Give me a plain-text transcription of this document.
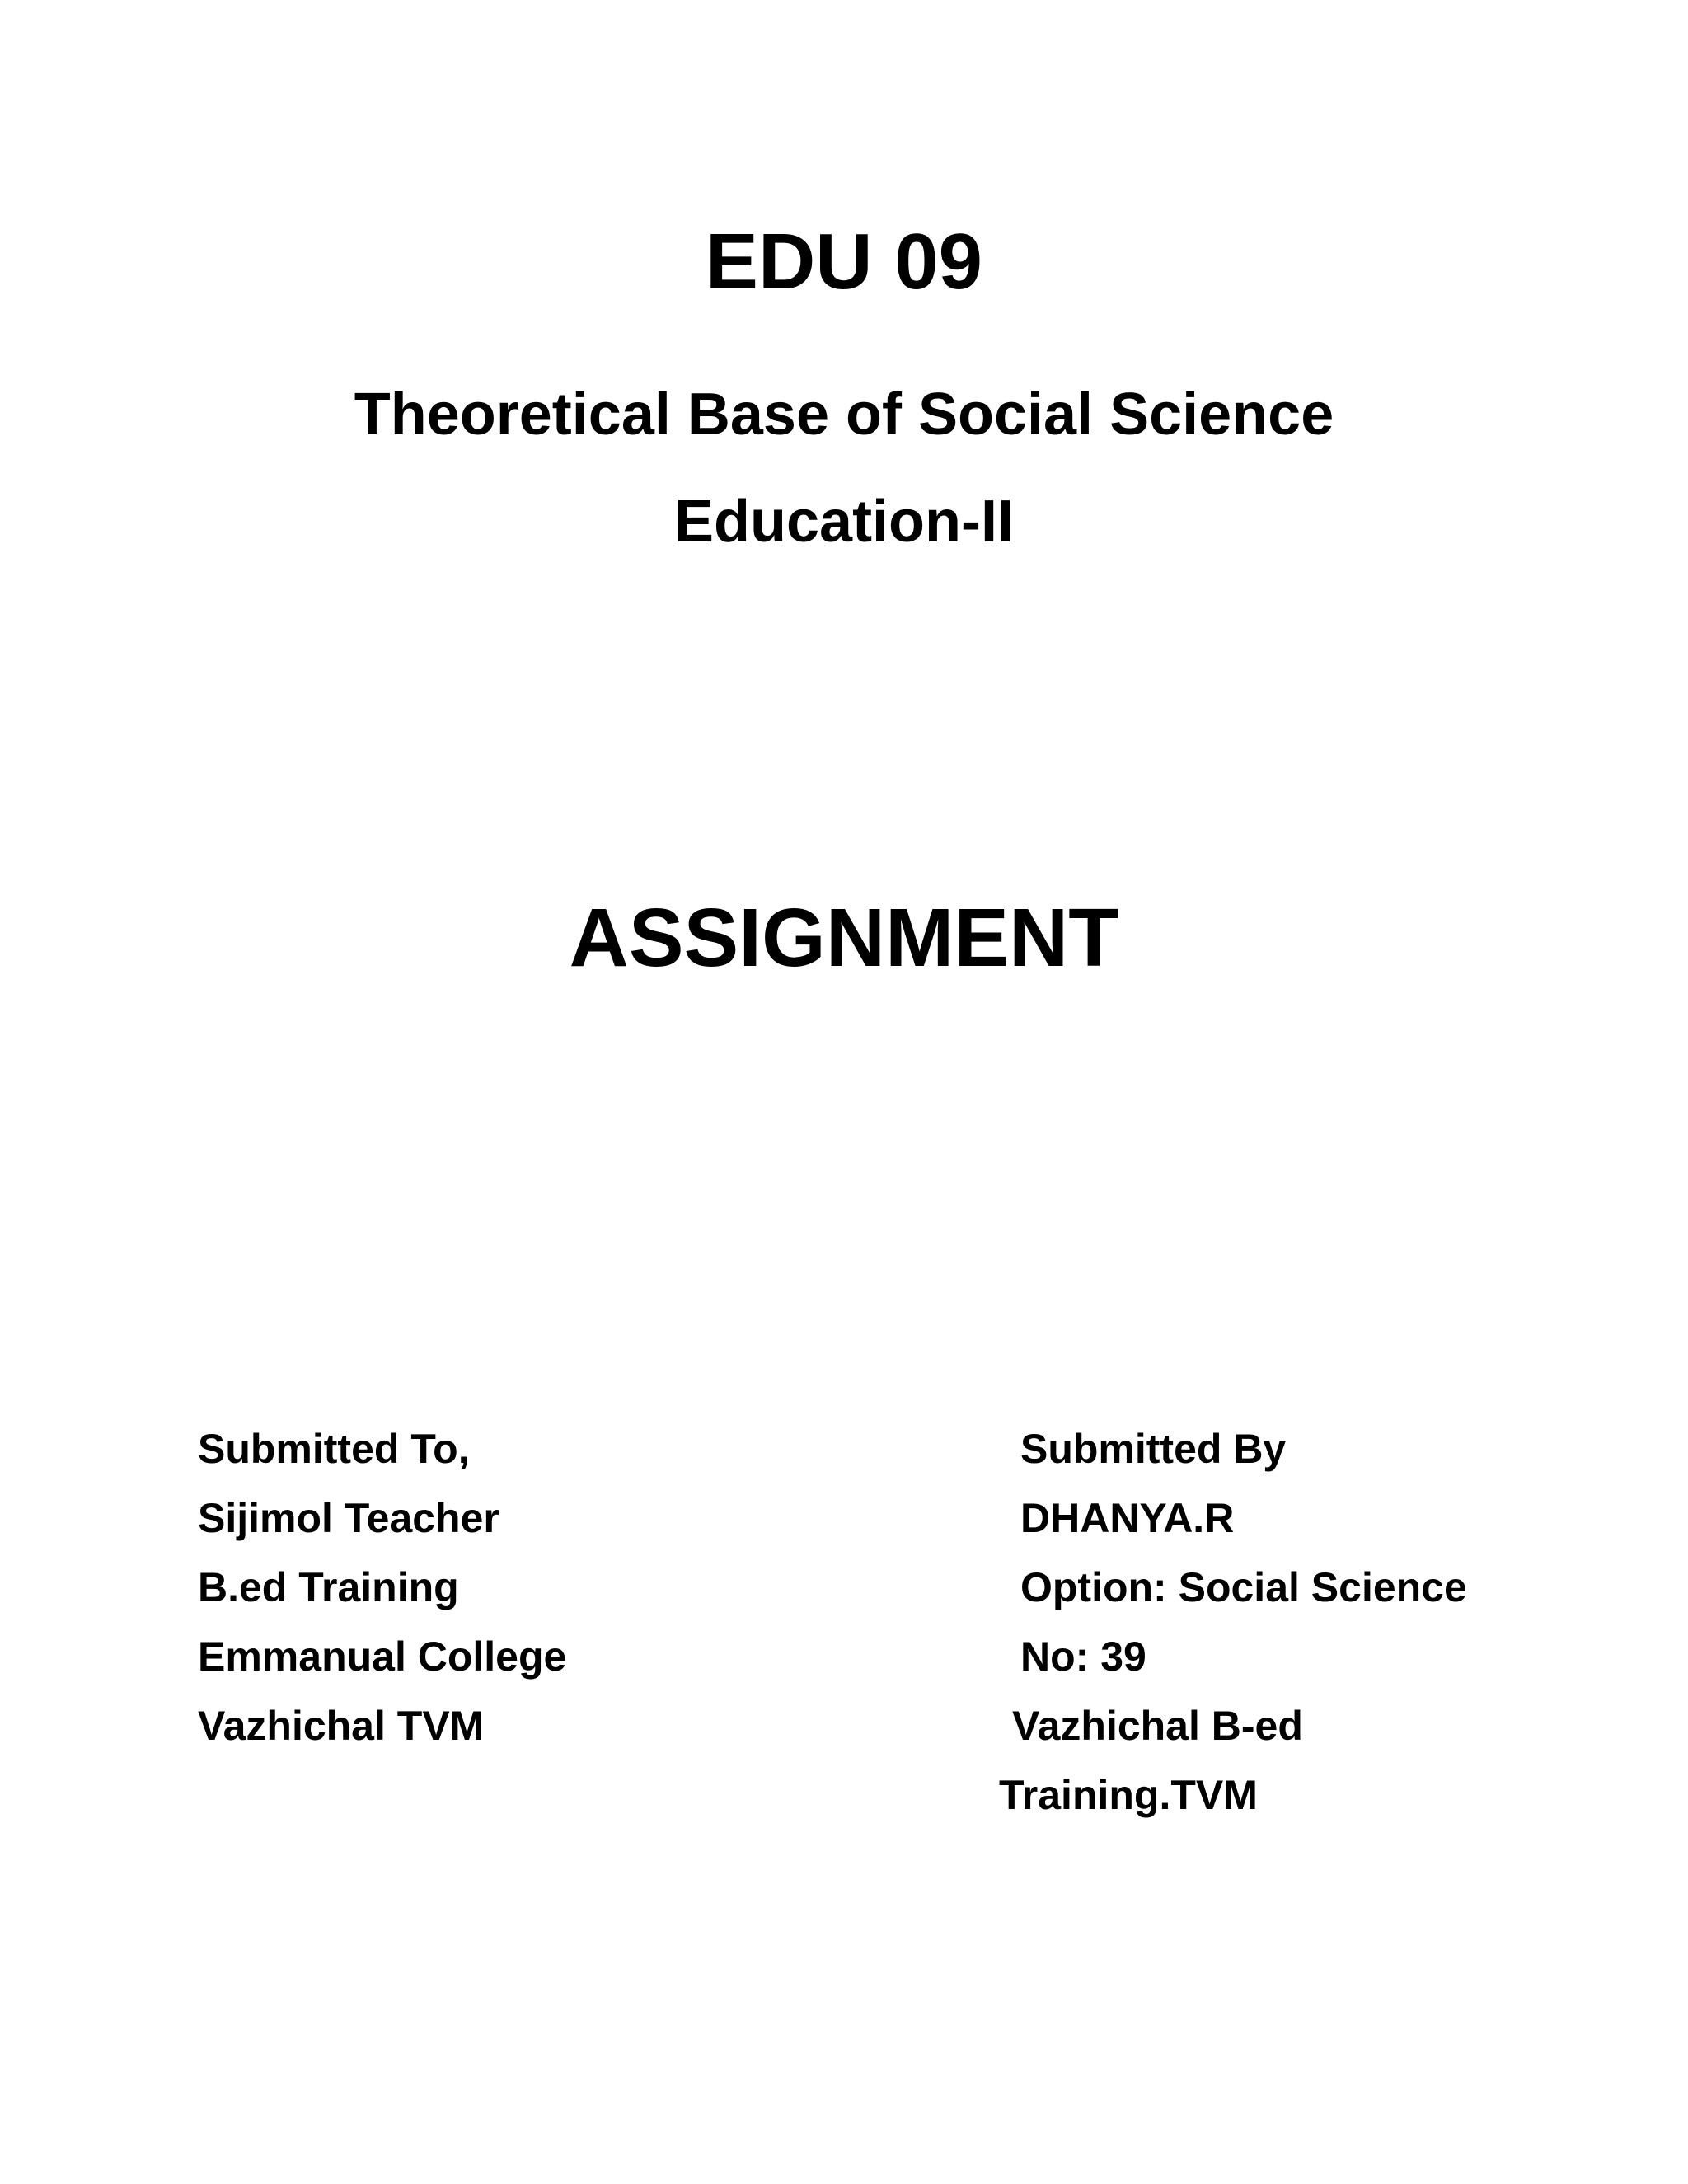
EDU 09
Theoretical Base of Social Science
Education-II
ASSIGNMENT
Submitted To,
Sijimol Teacher
B.ed Training
Emmanual College
Vazhichal TVM
Submitted By
DHANYA.R
Option: Social Science
No: 39
Vazhichal B-ed
Training.TVM
